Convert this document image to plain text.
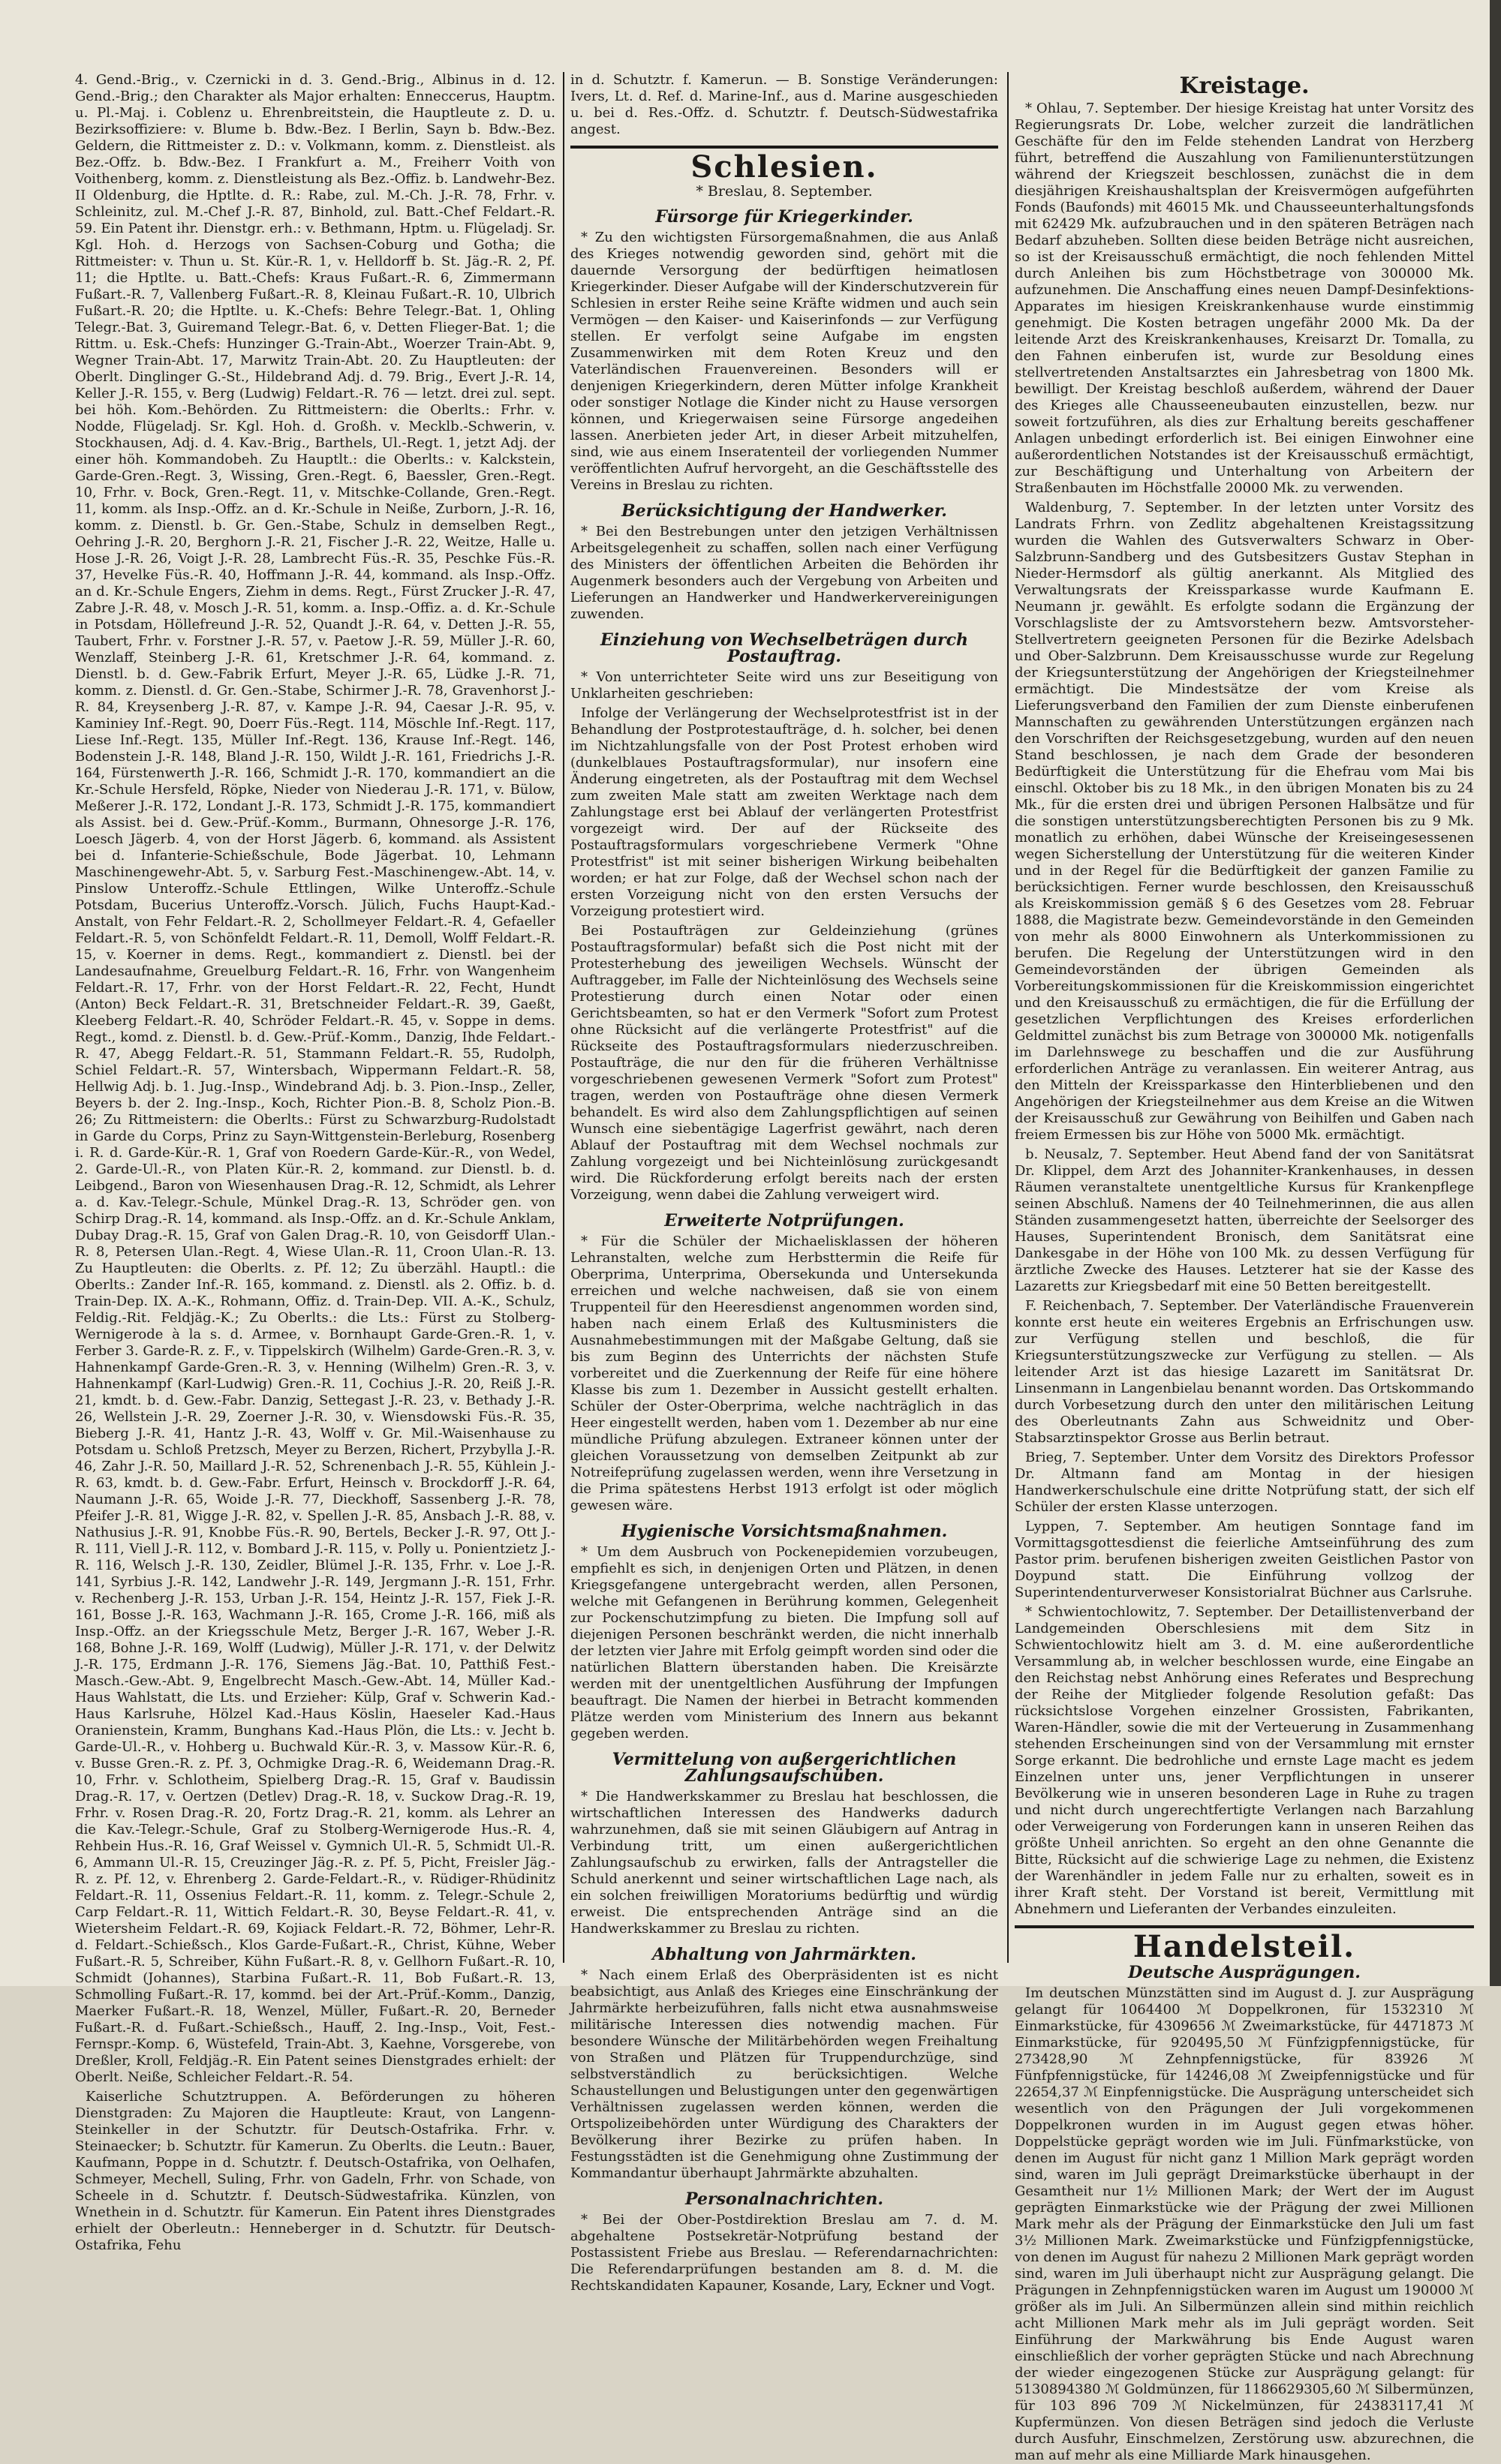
4. Gend.-Brig., v. Czernicki in d. 3. Gend.-Brig., Albinus in d. 12. Gend.-Brig.; den Charakter als Major erhalten: Enneccerus, Hauptm. u. Pl.-Maj. i. Coblenz u. Ehrenbreitstein, die Hauptleute z. D. u. Bezirksoffiziere: v. Blume b. Bdw.-Bez. I Berlin, Sayn b. Bdw.-Bez. Geldern, die Rittmeister z. D.: v. Volkmann, komm. z. Dienstleist. als Bez.-Offz. b. Bdw.-Bez. I Frankfurt a. M., Freiherr Voith von Voithenberg, komm. z. Dienstleistung als Bez.-Offiz. b. Landwehr-Bez. II Oldenburg, die Hptlte. d. R.: Rabe, zul. M.-Ch. J.-R. 78, Frhr. v. Schleinitz, zul. M.-Chef J.-R. 87, Binhold, zul. Batt.-Chef Feldart.-R. 59. Ein Patent ihr. Dienstgr. erh.: v. Bethmann, Hptm. u. Flügeladj. Sr. Kgl. Hoh. d. Herzogs von Sachsen-Coburg und Gotha; die Rittmeister: v. Thun u. St. Kür.-R. 1, v. Helldorff b. St. Jäg.-R. 2, Pf. 11; die Hptlte. u. Batt.-Chefs: Kraus Fußart.-R. 6, Zimmermann Fußart.-R. 7, Vallenberg Fußart.-R. 8, Kleinau Fußart.-R. 10, Ulbrich Fußart.-R. 20; die Hptlte. u. K.-Chefs: Behre Telegr.-Bat. 1, Ohling Telegr.-Bat. 3, Guiremand Telegr.-Bat. 6, v. Detten Flieger-Bat. 1; die Rittm. u. Esk.-Chefs: Hunzinger G.-Train-Abt., Woerzer Train-Abt. 9, Wegner Train-Abt. 17, Marwitz Train-Abt. 20. Zu Hauptleuten: der Oberlt. Dinglinger G.-St., Hildebrand Adj. d. 79. Brig., Evert J.-R. 14, Keller J.-R. 155, v. Berg (Ludwig) Feldart.-R. 76 — letzt. drei zul. sept. bei höh. Kom.-Behörden. Zu Rittmeistern: die Oberlts.: Frhr. v. Nodde, Flügeladj. Sr. Kgl. Hoh. d. Großh. v. Mecklb.-Schwerin, v. Stockhausen, Adj. d. 4. Kav.-Brig., Barthels, Ul.-Regt. 1, jetzt Adj. der einer höh. Kommandobeh. Zu Hauptlt.: die Oberlts.: v. Kalckstein, Garde-Gren.-Regt. 3, Wissing, Gren.-Regt. 6, Baessler, Gren.-Regt. 10, Frhr. v. Bock, Gren.-Regt. 11, v. Mitschke-Collande, Gren.-Regt. 11, komm. als Insp.-Offz. an d. Kr.-Schule in Neiße, Zurborn, J.-R. 16, komm. z. Dienstl. b. Gr. Gen.-Stabe, Schulz in demselben Regt., Oehring J.-R. 20, Berghorn J.-R. 21, Fischer J.-R. 22, Weitze, Halle u. Hose J.-R. 26, Voigt J.-R. 28, Lambrecht Füs.-R. 35, Peschke Füs.-R. 37, Hevelke Füs.-R. 40, Hoffmann J.-R. 44, kommand. als Insp.-Offz. an d. Kr.-Schule Engers, Ziehm in dems. Regt., Fürst Zrucker J.-R. 47, Zabre J.-R. 48, v. Mosch J.-R. 51, komm. a. Insp.-Offiz. a. d. Kr.-Schule in Potsdam, Höllefreund J.-R. 52, Quandt J.-R. 64, v. Detten J.-R. 55, Taubert, Frhr. v. Forstner J.-R. 57, v. Paetow J.-R. 59, Müller J.-R. 60, Wenzlaff, Steinberg J.-R. 61, Kretschmer J.-R. 64, kommand. z. Dienstl. b. d. Gew.-Fabrik Erfurt, Meyer J.-R. 65, Lüdke J.-R. 71, komm. z. Dienstl. d. Gr. Gen.-Stabe, Schirmer J.-R. 78, Gravenhorst J.-R. 84, Kreysenberg J.-R. 87, v. Kampe J.-R. 94, Caesar J.-R. 95, v. Kaminiey Inf.-Regt. 90, Doerr Füs.-Regt. 114, Möschle Inf.-Regt. 117, Liese Inf.-Regt. 135, Müller Inf.-Regt. 136, Krause Inf.-Regt. 146, Bodenstein J.-R. 148, Bland J.-R. 150, Wildt J.-R. 161, Friedrichs J.-R. 164, Fürstenwerth J.-R. 166, Schmidt J.-R. 170, kommandiert an die Kr.-Schule Hersfeld, Röpke, Nieder von Niederau J.-R. 171, v. Bülow, Meßerer J.-R. 172, Londant J.-R. 173, Schmidt J.-R. 175, kommandiert als Assist. bei d. Gew.-Prüf.-Komm., Burmann, Ohnesorge J.-R. 176, Loesch Jägerb. 4, von der Horst Jägerb. 6, kommand. als Assistent bei d. Infanterie-Schießschule, Bode Jägerbat. 10, Lehmann Maschinengewehr-Abt. 5, v. Sarburg Fest.-Maschinengew.-Abt. 14, v. Pinslow Unteroffz.-Schule Ettlingen, Wilke Unteroffz.-Schule Potsdam, Bucerius Unteroffz.-Vorsch. Jülich, Fuchs Haupt-Kad.-Anstalt, von Fehr Feldart.-R. 2, Schollmeyer Feldart.-R. 4, Gefaeller Feldart.-R. 5, von Schönfeldt Feldart.-R. 11, Demoll, Wolff Feldart.-R. 15, v. Koerner in dems. Regt., kommandiert z. Dienstl. bei der Landesaufnahme, Greuelburg Feldart.-R. 16, Frhr. von Wangenheim Feldart.-R. 17, Frhr. von der Horst Feldart.-R. 22, Fecht, Hundt (Anton) Beck Feldart.-R. 31, Bretschneider Feldart.-R. 39, Gaeßt, Kleeberg Feldart.-R. 40, Schröder Feldart.-R. 45, v. Soppe in dems. Regt., komd. z. Dienstl. b. d. Gew.-Prüf.-Komm., Danzig, Ihde Feldart.-R. 47, Abegg Feldart.-R. 51, Stammann Feldart.-R. 55, Rudolph, Schiel Feldart.-R. 57, Wintersbach, Wippermann Feldart.-R. 58, Hellwig Adj. b. 1. Jug.-Insp., Windebrand Adj. b. 3. Pion.-Insp., Zeller, Beyers b. der 2. Ing.-Insp., Koch, Richter Pion.-B. 8, Scholz Pion.-B. 26; Zu Rittmeistern: die Oberlts.: Fürst zu Schwarzburg-Rudolstadt in Garde du Corps, Prinz zu Sayn-Wittgenstein-Berleburg, Rosenberg i. R. d. Garde-Kür.-R. 1, Graf von Roedern Garde-Kür.-R., von Wedel, 2. Garde-Ul.-R., von Platen Kür.-R. 2, kommand. zur Dienstl. b. d. Leibgend., Baron von Wiesenhausen Drag.-R. 12, Schmidt, als Lehrer a. d. Kav.-Telegr.-Schule, Münkel Drag.-R. 13, Schröder gen. von Schirp Drag.-R. 14, kommand. als Insp.-Offz. an d. Kr.-Schule Anklam, Dubay Drag.-R. 15, Graf von Galen Drag.-R. 10, von Geisdorff Ulan.-R. 8, Petersen Ulan.-Regt. 4, Wiese Ulan.-R. 11, Croon Ulan.-R. 13. Zu Hauptleuten: die Oberlts. z. Pf. 12; Zu überzähl. Hauptl.: die Oberlts.: Zander Inf.-R. 165, kommand. z. Dienstl. als 2. Offiz. b. d. Train-Dep. IX. A.-K., Rohmann, Offiz. d. Train-Dep. VII. A.-K., Schulz, Feldig.-Rit. Feldjäg.-K.; Zu Oberlts.: die Lts.: Fürst zu Stolberg-Wernigerode à la s. d. Armee, v. Bornhaupt Garde-Gren.-R. 1, v. Ferber 3. Garde-R. z. F., v. Tippelskirch (Wilhelm) Garde-Gren.-R. 3, v. Hahnenkampf Garde-Gren.-R. 3, v. Henning (Wilhelm) Gren.-R. 3, v. Hahnenkampf (Karl-Ludwig) Gren.-R. 11, Cochius J.-R. 20, Reiß J.-R. 21, kmdt. b. d. Gew.-Fabr. Danzig, Settegast J.-R. 23, v. Bethady J.-R. 26, Wellstein J.-R. 29, Zoerner J.-R. 30, v. Wiensdowski Füs.-R. 35, Bieberg J.-R. 41, Hantz J.-R. 43, Wolff v. Gr. Mil.-Waisenhause zu Potsdam u. Schloß Pretzsch, Meyer zu Berzen, Richert, Przybylla J.-R. 46, Zahr J.-R. 50, Maillard J.-R. 52, Schrenenbach J.-R. 55, Kühlein J.-R. 63, kmdt. b. d. Gew.-Fabr. Erfurt, Heinsch v. Brockdorff J.-R. 64, Naumann J.-R. 65, Woide J.-R. 77, Dieckhoff, Sassenberg J.-R. 78, Pfeifer J.-R. 81, Wigge J.-R. 82, v. Spellen J.-R. 85, Ansbach J.-R. 88, v. Nathusius J.-R. 91, Knobbe Füs.-R. 90, Bertels, Becker J.-R. 97, Ott J.-R. 111, Viell J.-R. 112, v. Bombard J.-R. 115, v. Polly u. Ponientzietz J.-R. 116, Welsch J.-R. 130, Zeidler, Blümel J.-R. 135, Frhr. v. Loe J.-R. 141, Syrbius J.-R. 142, Landwehr J.-R. 149, Jergmann J.-R. 151, Frhr. v. Rechenberg J.-R. 153, Urban J.-R. 154, Heintz J.-R. 157, Fiek J.-R. 161, Bosse J.-R. 163, Wachmann J.-R. 165, Crome J.-R. 166, miß als Insp.-Offz. an der Kriegsschule Metz, Berger J.-R. 167, Weber J.-R. 168, Bohne J.-R. 169, Wolff (Ludwig), Müller J.-R. 171, v. der Delwitz J.-R. 175, Erdmann J.-R. 176, Siemens Jäg.-Bat. 10, Patthiß Fest.-Masch.-Gew.-Abt. 9, Engelbrecht Masch.-Gew.-Abt. 14, Müller Kad.-Haus Wahlstatt, die Lts. und Erzieher: Külp, Graf v. Schwerin Kad.-Haus Karlsruhe, Hölzel Kad.-Haus Köslin, Haeseler Kad.-Haus Oranienstein, Kramm, Bunghans Kad.-Haus Plön, die Lts.: v. Jecht b. Garde-Ul.-R., v. Hohberg u. Buchwald Kür.-R. 3, v. Massow Kür.-R. 6, v. Busse Gren.-R. z. Pf. 3, Ochmigke Drag.-R. 6, Weidemann Drag.-R. 10, Frhr. v. Schlotheim, Spielberg Drag.-R. 15, Graf v. Baudissin Drag.-R. 17, v. Oertzen (Detlev) Drag.-R. 18, v. Suckow Drag.-R. 19, Frhr. v. Rosen Drag.-R. 20, Fortz Drag.-R. 21, komm. als Lehrer an die Kav.-Telegr.-Schule, Graf zu Stolberg-Wernigerode Hus.-R. 4, Rehbein Hus.-R. 16, Graf Weissel v. Gymnich Ul.-R. 5, Schmidt Ul.-R. 6, Ammann Ul.-R. 15, Creuzinger Jäg.-R. z. Pf. 5, Picht, Freisler Jäg.-R. z. Pf. 12, v. Ehrenberg 2. Garde-Feldart.-R., v. Rüdiger-Rhüdinitz Feldart.-R. 11, Ossenius Feldart.-R. 11, komm. z. Telegr.-Schule 2, Carp Feldart.-R. 11, Wittich Feldart.-R. 30, Beyse Feldart.-R. 41, v. Wietersheim Feldart.-R. 69, Kojiack Feldart.-R. 72, Böhmer, Lehr-R. d. Feldart.-Schießsch., Klos Garde-Fußart.-R., Christ, Kühne, Weber Fußart.-R. 5, Schreiber, Kühn Fußart.-R. 8, v. Gellhorn Fußart.-R. 10, Schmidt (Johannes), Starbina Fußart.-R. 11, Bob Fußart.-R. 13, Schmolling Fußart.-R. 17, kommd. bei der Art.-Prüf.-Komm., Danzig, Maerker Fußart.-R. 18, Wenzel, Müller, Fußart.-R. 20, Berneder Fußart.-R. d. Fußart.-Schießsch., Hauff, 2. Ing.-Insp., Voit, Fest.-Fernspr.-Komp. 6, Wüstefeld, Train-Abt. 3, Kaehne, Vorsgerebe, von Dreßler, Kroll, Feldjäg.-R. Ein Patent seines Dienstgrades erhielt: der Oberlt. Neiße, Schleicher Feldart.-R. 54.

Kaiserliche Schutztruppen. A. Beförderungen zu höheren Dienstgraden: Zu Majoren die Hauptleute: Kraut, von Langenn-Steinkeller in der Schutztr. für Deutsch-Ostafrika. Frhr. v. Steinaecker; b. Schutztr. für Kamerun. Zu Oberlts. die Leutn.: Bauer, Kaufmann, Poppe in d. Schutztr. f. Deutsch-Ostafrika, von Oelhafen, Schmeyer, Mechell, Suling, Frhr. von Gadeln, Frhr. von Schade, von Scheele in d. Schutztr. f. Deutsch-Südwestafrika. Künzlen, von Wnethein in d. Schutztr. für Kamerun. Ein Patent ihres Dienstgrades erhielt der Oberleutn.: Henneberger in d. Schutztr. für Deutsch-Ostafrika, Fehu

in d. Schutztr. f. Kamerun. — B. Sonstige Veränderungen: Ivers, Lt. d. Ref. d. Marine-Inf., aus d. Marine ausgeschieden u. bei d. Res.-Offz. d. Schutztr. f. Deutsch-Südwestafrika angest.

Schlesien.
* Breslau, 8. September.
Fürsorge für Kriegerkinder.

* Zu den wichtigsten Fürsorgemaßnahmen, die aus Anlaß des Krieges notwendig geworden sind, gehört mit die dauernde Versorgung der bedürftigen heimatlosen Kriegerkinder. Dieser Aufgabe will der Kinderschutzverein für Schlesien in erster Reihe seine Kräfte widmen und auch sein Vermögen — den Kaiser- und Kaiserinfonds — zur Verfügung stellen. Er verfolgt seine Aufgabe im engsten Zusammenwirken mit dem Roten Kreuz und den Vaterländischen Frauenvereinen. Besonders will er denjenigen Kriegerkindern, deren Mütter infolge Krankheit oder sonstiger Notlage die Kinder nicht zu Hause versorgen können, und Kriegerwaisen seine Fürsorge angedeihen lassen. Anerbieten jeder Art, in dieser Arbeit mitzuhelfen, sind, wie aus einem Inseratenteil der vorliegenden Nummer veröffentlichten Aufruf hervorgeht, an die Geschäftsstelle des Vereins in Breslau zu richten.

Berücksichtigung der Handwerker.

* Bei den Bestrebungen unter den jetzigen Verhältnissen Arbeitsgelegenheit zu schaffen, sollen nach einer Verfügung des Ministers der öffentlichen Arbeiten die Behörden ihr Augenmerk besonders auch der Vergebung von Arbeiten und Lieferungen an Handwerker und Handwerkervereinigungen zuwenden.

Einziehung von Wechselbeträgen durch Postauftrag.

* Von unterrichteter Seite wird uns zur Beseitigung von Unklarheiten geschrieben:

Infolge der Verlängerung der Wechselprotestfrist ist in der Behandlung der Postprotestaufträge, d. h. solcher, bei denen im Nichtzahlungsfalle von der Post Protest erhoben wird (dunkelblaues Postauftragsformular), nur insofern eine Änderung eingetreten, als der Postauftrag mit dem Wechsel zum zweiten Male statt am zweiten Werktage nach dem Zahlungstage erst bei Ablauf der verlängerten Protestfrist vorgezeigt wird. Der auf der Rückseite des Postauftragsformulars vorgeschriebene Vermerk "Ohne Protestfrist" ist mit seiner bisherigen Wirkung beibehalten worden; er hat zur Folge, daß der Wechsel schon nach der ersten Vorzeigung nicht von den ersten Versuchs der Vorzeigung protestiert wird.

Bei Postaufträgen zur Geldeinziehung (grünes Postauftragsformular) befaßt sich die Post nicht mit der Protesterhebung des jeweiligen Wechsels. Wünscht der Auftraggeber, im Falle der Nichteinlösung des Wechsels seine Protestierung durch einen Notar oder einen Gerichtsbeamten, so hat er den Vermerk "Sofort zum Protest ohne Rücksicht auf die verlängerte Protestfrist" auf die Rückseite des Postauftragsformulars niederzuschreiben. Postaufträge, die nur den für die früheren Verhältnisse vorgeschriebenen gewesenen Vermerk "Sofort zum Protest" tragen, werden von Postaufträge ohne diesen Vermerk behandelt. Es wird also dem Zahlungspflichtigen auf seinen Wunsch eine siebentägige Lagerfrist gewährt, nach deren Ablauf der Postauftrag mit dem Wechsel nochmals zur Zahlung vorgezeigt und bei Nichteinlösung zurückgesandt wird. Die Rückforderung erfolgt bereits nach der ersten Vorzeigung, wenn dabei die Zahlung verweigert wird.

Erweiterte Notprüfungen.

* Für die Schüler der Michaelisklassen der höheren Lehranstalten, welche zum Herbsttermin die Reife für Oberprima, Unterprima, Obersekunda und Untersekunda erreichen und welche nachweisen, daß sie von einem Truppenteil für den Heeresdienst angenommen worden sind, haben nach einem Erlaß des Kultusministers die Ausnahmebestimmungen mit der Maßgabe Geltung, daß sie bis zum Beginn des Unterrichts der nächsten Stufe vorbereitet und die Zuerkennung der Reife für eine höhere Klasse bis zum 1. Dezember in Aussicht gestellt erhalten. Schüler der Oster-Oberprima, welche nachträglich in das Heer eingestellt werden, haben vom 1. Dezember ab nur eine mündliche Prüfung abzulegen. Extraneer können unter der gleichen Voraussetzung von demselben Zeitpunkt ab zur Notreifeprüfung zugelassen werden, wenn ihre Versetzung in die Prima spätestens Herbst 1913 erfolgt ist oder möglich gewesen wäre.

Hygienische Vorsichtsmaßnahmen.

* Um dem Ausbruch von Pockenepidemien vorzubeugen, empfiehlt es sich, in denjenigen Orten und Plätzen, in denen Kriegsgefangene untergebracht werden, allen Personen, welche mit Gefangenen in Berührung kommen, Gelegenheit zur Pockenschutzimpfung zu bieten. Die Impfung soll auf diejenigen Personen beschränkt werden, die nicht innerhalb der letzten vier Jahre mit Erfolg geimpft worden sind oder die natürlichen Blattern überstanden haben. Die Kreisärzte werden mit der unentgeltlichen Ausführung der Impfungen beauftragt. Die Namen der hierbei in Betracht kommenden Plätze werden vom Ministerium des Innern aus bekannt gegeben werden.

Vermittelung von außergerichtlichen Zahlungsaufschüben.

* Die Handwerkskammer zu Breslau hat beschlossen, die wirtschaftlichen Interessen des Handwerks dadurch wahrzunehmen, daß sie mit seinen Gläubigern auf Antrag in Verbindung tritt, um einen außergerichtlichen Zahlungsaufschub zu erwirken, falls der Antragsteller die Schuld anerkennt und seiner wirtschaftlichen Lage nach, als ein solchen freiwilligen Moratoriums bedürftig und würdig erweist. Die entsprechenden Anträge sind an die Handwerkskammer zu Breslau zu richten.

Abhaltung von Jahrmärkten.

* Nach einem Erlaß des Oberpräsidenten ist es nicht beabsichtigt, aus Anlaß des Krieges eine Einschränkung der Jahrmärkte herbeizuführen, falls nicht etwa ausnahmsweise militärische Interessen dies notwendig machen. Für besondere Wünsche der Militärbehörden wegen Freihaltung von Straßen und Plätzen für Truppendurchzüge, sind selbstverständlich zu berücksichtigen. Welche Schaustellungen und Belustigungen unter den gegenwärtigen Verhältnissen zugelassen werden können, werden die Ortspolizeibehörden unter Würdigung des Charakters der Bevölkerung ihrer Bezirke zu prüfen haben. In Festungsstädten ist die Genehmigung ohne Zustimmung der Kommandantur überhaupt Jahrmärkte abzuhalten.

Personalnachrichten.

* Bei der Ober-Postdirektion Breslau am 7. d. M. abgehaltene Postsekretär-Notprüfung bestand der Postassistent Friebe aus Breslau. — Referendarnachrichten: Die Referendarprüfungen bestanden am 8. d. M. die Rechtskandidaten Kapauner, Kosande, Lary, Eckner und Vogt.

Kreistage.

* Ohlau, 7. September. Der hiesige Kreistag hat unter Vorsitz des Regierungsrats Dr. Lobe, welcher zurzeit die landrätlichen Geschäfte für den im Felde stehenden Landrat von Herzberg führt, betreffend die Auszahlung von Familienunterstützungen während der Kriegszeit beschlossen, zunächst die in dem diesjährigen Kreishaushaltsplan der Kreisvermögen aufgeführten Fonds (Baufonds) mit 46015 Mk. und Chausseeunterhaltungsfonds mit 62429 Mk. aufzubrauchen und in den späteren Beträgen nach Bedarf abzuheben. Sollten diese beiden Beträge nicht ausreichen, so ist der Kreisausschuß ermächtigt, die noch fehlenden Mittel durch Anleihen bis zum Höchstbetrage von 300000 Mk. aufzunehmen. Die Anschaffung eines neuen Dampf-Desinfektions-Apparates im hiesigen Kreiskrankenhause wurde einstimmig genehmigt. Die Kosten betragen ungefähr 2000 Mk. Da der leitende Arzt des Kreiskrankenhauses, Kreisarzt Dr. Tomalla, zu den Fahnen einberufen ist, wurde zur Besoldung eines stellvertretenden Anstaltsarztes ein Jahresbetrag von 1800 Mk. bewilligt. Der Kreistag beschloß außerdem, während der Dauer des Krieges alle Chausseeneubauten einzustellen, bezw. nur soweit fortzuführen, als dies zur Erhaltung bereits geschaffener Anlagen unbedingt erforderlich ist. Bei einigen Einwohner eine außerordentlichen Notstandes ist der Kreisausschuß ermächtigt, zur Beschäftigung und Unterhaltung von Arbeitern der Straßenbauten im Höchstfalle 20000 Mk. zu verwenden.

Waldenburg, 7. September. In der letzten unter Vorsitz des Landrats Frhrn. von Zedlitz abgehaltenen Kreistagssitzung wurden die Wahlen des Gutsverwalters Schwarz in Ober-Salzbrunn-Sandberg und des Gutsbesitzers Gustav Stephan in Nieder-Hermsdorf als gültig anerkannt. Als Mitglied des Verwaltungsrats der Kreissparkasse wurde Kaufmann E. Neumann jr. gewählt. Es erfolgte sodann die Ergänzung der Vorschlagsliste der zu Amtsvorstehern bezw. Amtsvorsteher-Stellvertretern geeigneten Personen für die Bezirke Adelsbach und Ober-Salzbrunn. Dem Kreisausschusse wurde zur Regelung der Kriegsunterstützung der Angehörigen der Kriegsteilnehmer ermächtigt. Die Mindestsätze der vom Kreise als Lieferungsverband den Familien der zum Dienste einberufenen Mannschaften zu gewährenden Unterstützungen ergänzen nach den Vorschriften der Reichsgesetzgebung, wurden auf den neuen Stand beschlossen, je nach dem Grade der besonderen Bedürftigkeit die Unterstützung für die Ehefrau vom Mai bis einschl. Oktober bis zu 18 Mk., in den übrigen Monaten bis zu 24 Mk., für die ersten drei und übrigen Personen Halbsätze und für die sonstigen unterstützungsberechtigten Personen bis zu 9 Mk. monatlich zu erhöhen, dabei Wünsche der Kreiseingesessenen wegen Sicherstellung der Unterstützung für die weiteren Kinder und in der Regel für die Bedürftigkeit der ganzen Familie zu berücksichtigen. Ferner wurde beschlossen, den Kreisausschuß als Kreiskommission gemäß § 6 des Gesetzes vom 28. Februar 1888, die Magistrate bezw. Gemeindevorstände in den Gemeinden von mehr als 8000 Einwohnern als Unterkommissionen zu berufen. Die Regelung der Unterstützungen wird in den Gemeindevorständen der übrigen Gemeinden als Vorbereitungskommissionen für die Kreiskommission eingerichtet und den Kreisausschuß zu ermächtigen, die für die Erfüllung der gesetzlichen Verpflichtungen des Kreises erforderlichen Geldmittel zunächst bis zum Betrage von 300000 Mk. notigenfalls im Darlehnswege zu beschaffen und die zur Ausführung erforderlichen Anträge zu veranlassen. Ein weiterer Antrag, aus den Mitteln der Kreissparkasse den Hinterbliebenen und den Angehörigen der Kriegsteilnehmer aus dem Kreise an die Witwen der Kreisausschuß zur Gewährung von Beihilfen und Gaben nach freiem Ermessen bis zur Höhe von 5000 Mk. ermächtigt.

b. Neusalz, 7. September. Heut Abend fand der von Sanitätsrat Dr. Klippel, dem Arzt des Johanniter-Krankenhauses, in dessen Räumen veranstaltete unentgeltliche Kursus für Krankenpflege seinen Abschluß. Namens der 40 Teilnehmerinnen, die aus allen Ständen zusammengesetzt hatten, überreichte der Seelsorger des Hauses, Superintendent Bronisch, dem Sanitätsrat eine Dankesgabe in der Höhe von 100 Mk. zu dessen Verfügung für ärztliche Zwecke des Hauses. Letzterer hat sie der Kasse des Lazaretts zur Kriegsbedarf mit eine 50 Betten bereitgestellt.

F. Reichenbach, 7. September. Der Vaterländische Frauenverein konnte erst heute ein weiteres Ergebnis an Erfrischungen usw. zur Verfügung stellen und beschloß, die für Kriegsunterstützungszwecke zur Verfügung zu stellen. — Als leitender Arzt ist das hiesige Lazarett im Sanitätsrat Dr. Linsenmann in Langenbielau benannt worden. Das Ortskommando durch Vorbesetzung durch den unter den militärischen Leitung des Oberleutnants Zahn aus Schweidnitz und Ober-Stabsarztinspektor Grosse aus Berlin betraut.

Brieg, 7. September. Unter dem Vorsitz des Direktors Professor Dr. Altmann fand am Montag in der hiesigen Handwerkerschulschule eine dritte Notprüfung statt, der sich elf Schüler der ersten Klasse unterzogen.

Lyppen, 7. September. Am heutigen Sonntage fand im Vormittagsgottesdienst die feierliche Amtseinführung des zum Pastor prim. berufenen bisherigen zweiten Geistlichen Pastor von Doypund statt. Die Einführung vollzog der Superintendenturverweser Konsistorialrat Büchner aus Carlsruhe.

* Schwientochlowitz, 7. September. Der Detaillistenverband der Landgemeinden Oberschlesiens mit dem Sitz in Schwientochlowitz hielt am 3. d. M. eine außerordentliche Versammlung ab, in welcher beschlossen wurde, eine Eingabe an den Reichstag nebst Anhörung eines Referates und Besprechung der Reihe der Mitglieder folgende Resolution gefaßt: Das rücksichtslose Vorgehen einzelner Grossisten, Fabrikanten, Waren-Händler, sowie die mit der Verteuerung in Zusammenhang stehenden Erscheinungen sind von der Versammlung mit ernster Sorge erkannt. Die bedrohliche und ernste Lage macht es jedem Einzelnen unter uns, jener Verpflichtungen in unserer Bevölkerung wie in unseren besonderen Lage in Ruhe zu tragen und nicht durch ungerechtfertigte Verlangen nach Barzahlung oder Verweigerung von Forderungen kann in unseren Reihen das größte Unheil anrichten. So ergeht an den ohne Genannte die Bitte, Rücksicht auf die schwierige Lage zu nehmen, die Existenz der Warenhändler in jedem Falle nur zu erhalten, soweit es in ihrer Kraft steht. Der Vorstand ist bereit, Vermittlung mit Abnehmern und Lieferanten der Verbandes einzuleiten.

Handelsteil.
Deutsche Ausprägungen.

Im deutschen Münzstätten sind im August d. J. zur Ausprägung gelangt für 1064400 ℳ Doppelkronen, für 1532310 ℳ Einmarkstücke, für 4309656 ℳ Zweimarkstücke, für 4471873 ℳ Einmarkstücke, für 920495,50 ℳ Fünfzigpfennigstücke, für 273428,90 ℳ Zehnpfennigstücke, für 83926 ℳ Fünfpfennigstücke, für 14246,08 ℳ Zweipfennigstücke und für 22654,37 ℳ Einpfennigstücke. Die Ausprägung unterscheidet sich wesentlich von den Prägungen der Juli vorgekommenen Doppelkronen wurden in im August gegen etwas höher. Doppelstücke geprägt worden wie im Juli. Fünfmarkstücke, von denen im August für nicht ganz 1 Million Mark geprägt worden sind, waren im Juli geprägt Dreimarkstücke überhaupt in der Gesamtheit nur 1½ Millionen Mark; der Wert der im August geprägten Einmarkstücke wie der Prägung der zwei Millionen Mark mehr als der Prägung der Einmarkstücke den Juli um fast 3½ Millionen Mark. Zweimarkstücke und Fünfzigpfennigstücke, von denen im August für nahezu 2 Millionen Mark geprägt worden sind, waren im Juli überhaupt nicht zur Ausprägung gelangt. Die Prägungen in Zehnpfennigstücken waren im August um 190000 ℳ größer als im Juli. An Silbermünzen allein sind mithin reichlich acht Millionen Mark mehr als im Juli geprägt worden. Seit Einführung der Markwährung bis Ende August waren einschließlich der vorher geprägten Stücke und nach Abrechnung der wieder eingezogenen Stücke zur Ausprägung gelangt: für 5130894380 ℳ Goldmünzen, für 1186629305,60 ℳ Silbermünzen, für 103 896 709 ℳ Nickelmünzen, für 24383117,41 ℳ Kupfermünzen. Von diesen Beträgen sind jedoch die Verluste durch Ausfuhr, Einschmelzen, Zerstörung usw. abzurechnen, die man auf mehr als eine Milliarde Mark hinausgehen.
